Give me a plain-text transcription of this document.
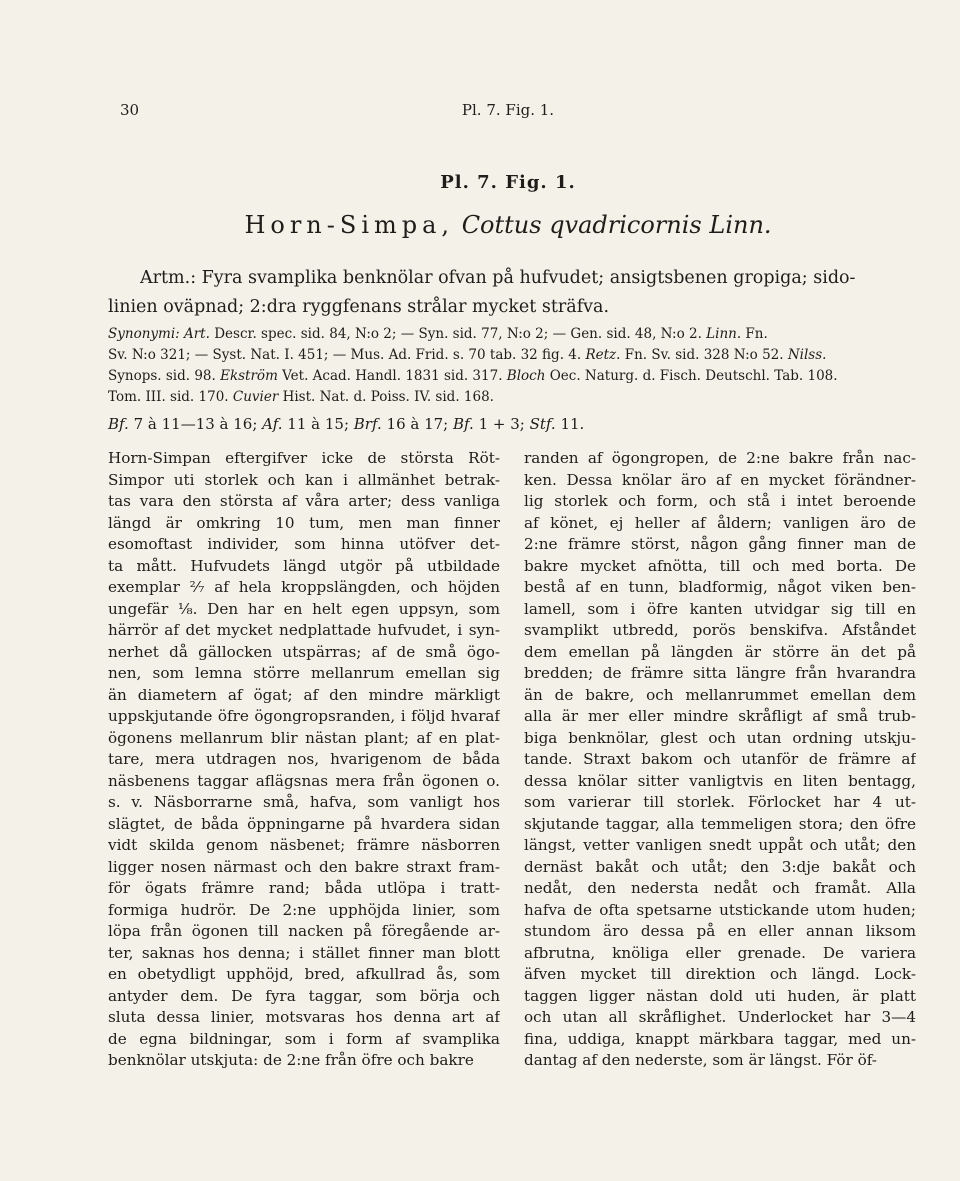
30	Pl. 7. Fig. 1.
Pl. 7. Fig. 1.
Horn-Simpa, Cottus qvadricornis Linn.
Artm.: Fyra svamplika benknölar ofvan på hufvudet; ansigtsbenen gropiga; sido-
linien oväpnad; 2:dra ryggfenans strålar mycket sträfva.
Synonymi: Art. Descr. spec. sid. 84, N:o 2; — Syn. sid. 77, N:o 2; — Gen. sid. 48, N:o 2. Linn. Fn.
Sv. N:o 321; — Syst. Nat. I. 451; — Mus. Ad. Frid. s. 70 tab. 32 fig. 4. Retz. Fn. Sv. sid. 328 N:o 52. Nilss.
Synops. sid. 98. Ekström Vet. Acad. Handl. 1831 sid. 317. Bloch Oec. Naturg. d. Fisch. Deutschl. Tab. 108.
Tom. III. sid. 170. Cuvier Hist. Nat. d. Poiss. IV. sid. 168.
Bf. 7 à 11—13 à 16; Af. 11 à 15; Brf. 16 à 17; Bf. 1 + 3; Stf. 11.
Horn-Simpan eftergifver icke de största Röt-
Simpor uti storlek och kan i allmänhet betrak-
tas vara den största af våra arter; dess vanliga
längd är omkring 10 tum, men man finner
esomoftast individer, som hinna utöfver det-
ta mått. Hufvudets längd utgör på utbildade
exemplar ²⁄₇ af hela kroppslängden, och höjden
ungefär ¹⁄₈. Den har en helt egen uppsyn, som
härrör af det mycket nedplattade hufvudet, i syn-
nerhet då gällocken utspärras; af de små ögo-
nen, som lemna större mellanrum emellan sig
än diametern af ögat; af den mindre märkligt
uppskjutande öfre ögongropsranden, i följd hvaraf
ögonens mellanrum blir nästan plant; af en plat-
tare, mera utdragen nos, hvarigenom de båda
näsbenens taggar aflägsnas mera från ögonen o.
s. v. Näsborrarne små, hafva, som vanligt hos
slägtet, de båda öppningarne på hvardera sidan
vidt skilda genom näsbenet; främre näsborren
ligger nosen närmast och den bakre straxt fram-
för ögats främre rand; båda utlöpa i tratt-
formiga hudrör. De 2:ne upphöjda linier, som
löpa från ögonen till nacken på föregående ar-
ter, saknas hos denna; i stället finner man blott
en obetydligt upphöjd, bred, afkullrad ås, som
antyder dem. De fyra taggar, som börja och
sluta dessa linier, motsvaras hos denna art af
de egna bildningar, som i form af svamplika
benknölar utskjuta: de 2:ne från öfre och bakre
randen af ögongropen, de 2:ne bakre från nac-
ken. Dessa knölar äro af en mycket förändner-
lig storlek och form, och stå i intet beroende
af könet, ej heller af åldern; vanligen äro de
2:ne främre störst, någon gång finner man de
bakre mycket afnötta, till och med borta. De
bestå af en tunn, bladformig, något viken ben-
lamell, som i öfre kanten utvidgar sig till en
svamplikt utbredd, porös benskifva. Afståndet
dem emellan på längden är större än det på
bredden; de främre sitta längre från hvarandra
än de bakre, och mellanrummet emellan dem
alla är mer eller mindre skråfligt af små trub-
biga benknölar, glest och utan ordning utskju-
tande. Straxt bakom och utanför de främre af
dessa knölar sitter vanligtvis en liten bentagg,
som varierar till storlek. Förlocket har 4 ut-
skjutande taggar, alla temmeligen stora; den öfre
längst, vetter vanligen snedt uppåt och utåt; den
dernäst bakåt och utåt; den 3:dje bakåt och
nedåt, den nedersta nedåt och framåt. Alla
hafva de ofta spetsarne utstickande utom huden;
stundom äro dessa på en eller annan liksom
afbrutna, knöliga eller grenade. De variera
äfven mycket till direktion och längd. Lock-
taggen ligger nästan dold uti huden, är platt
och utan all skråflighet. Underlocket har 3—4
fina, uddiga, knappt märkbara taggar, med un-
dantag af den nederste, som är längst. För öf-
